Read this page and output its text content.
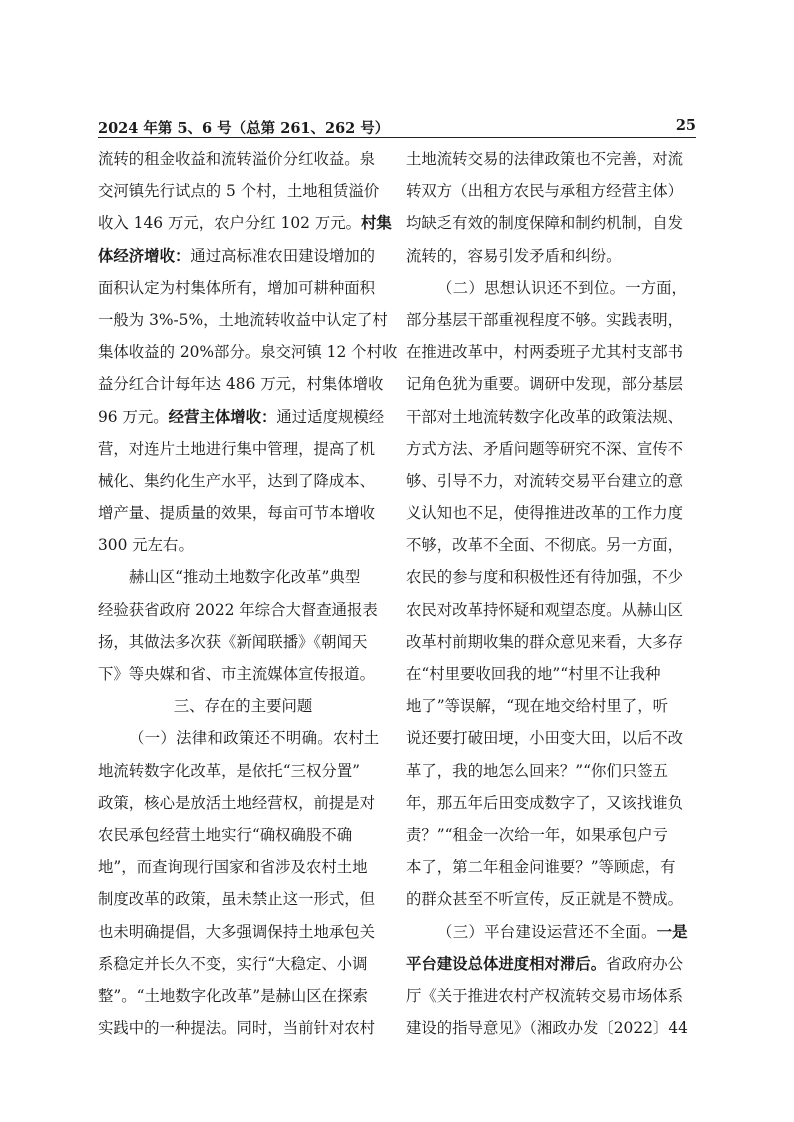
2024 年第 5、6 号（总第 261、262 号）	25
流转的租金收益和流转溢价分红收益。泉
交河镇先行试点的 5 个村，土地租赁溢价
收入 146 万元，农户分红 102 万元。村集
体经济增收：通过高标准农田建设增加的
面积认定为村集体所有，增加可耕种面积
一般为 3%-5%，土地流转收益中认定了村
集体收益的 20%部分。泉交河镇 12 个村收
益分红合计每年达 486 万元，村集体增收
96 万元。经营主体增收：通过适度规模经
营，对连片土地进行集中管理，提高了机
械化、集约化生产水平，达到了降成本、
增产量、提质量的效果，每亩可节本增收
300 元左右。
赫山区“推动土地数字化改革”典型
经验获省政府 2022 年综合大督查通报表
扬，其做法多次获《新闻联播》《朝闻天
下》等央媒和省、市主流媒体宣传报道。
三、存在的主要问题
（一）法律和政策还不明确。农村土
地流转数字化改革，是依托“三权分置”
政策，核心是放活土地经营权，前提是对
农民承包经营土地实行“确权确股不确
地”，而查询现行国家和省涉及农村土地
制度改革的政策，虽未禁止这一形式，但
也未明确提倡，大多强调保持土地承包关
系稳定并长久不变，实行“大稳定、小调
整”。“土地数字化改革”是赫山区在探索
实践中的一种提法。同时，当前针对农村
土地流转交易的法律政策也不完善，对流
转双方（出租方农民与承租方经营主体）
均缺乏有效的制度保障和制约机制，自发
流转的，容易引发矛盾和纠纷。
（二）思想认识还不到位。一方面，
部分基层干部重视程度不够。实践表明，
在推进改革中，村两委班子尤其村支部书
记角色犹为重要。调研中发现，部分基层
干部对土地流转数字化改革的政策法规、
方式方法、矛盾问题等研究不深、宣传不
够、引导不力，对流转交易平台建立的意
义认知也不足，使得推进改革的工作力度
不够，改革不全面、不彻底。另一方面，
农民的参与度和积极性还有待加强，不少
农民对改革持怀疑和观望态度。从赫山区
改革村前期收集的群众意见来看，大多存
在“村里要收回我的地”“村里不让我种
地了”等误解，“现在地交给村里了，听
说还要打破田埂，小田变大田，以后不改
革了，我的地怎么回来？”“你们只签五
年，那五年后田变成数字了，又该找谁负
责？”“租金一次给一年，如果承包户亏
本了，第二年租金问谁要？”等顾虑，有
的群众甚至不听宣传，反正就是不赞成。
（三）平台建设运营还不全面。一是
平台建设总体进度相对滞后。省政府办公
厅《关于推进农村产权流转交易市场体系
建设的指导意见》（湘政办发〔2022〕44
